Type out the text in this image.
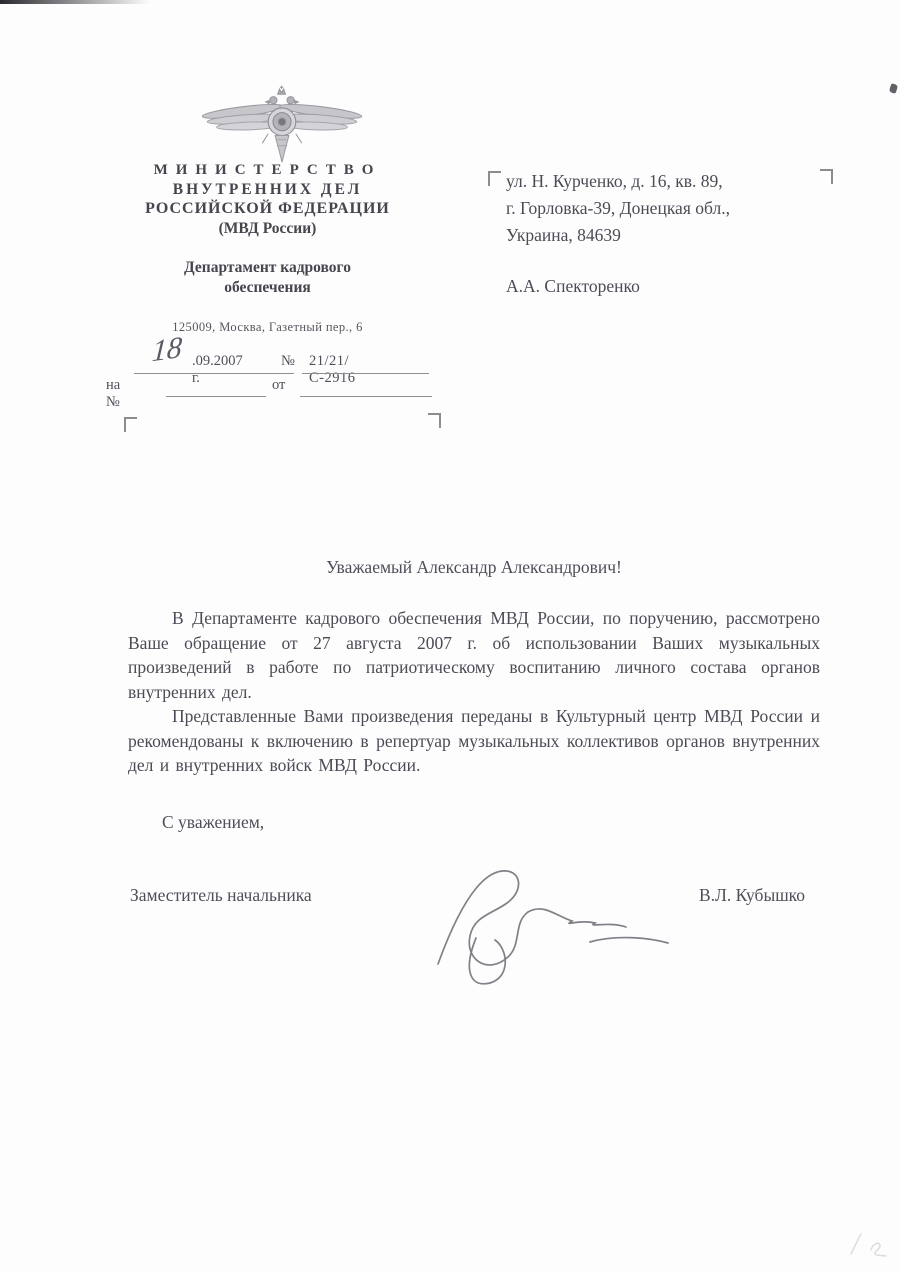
МИНИСТЕРСТВО
ВНУТРЕННИХ ДЕЛ
РОССИЙСКОЙ ФЕДЕРАЦИИ
(МВД России)
Департамент кадрового обеспечения
125009, Москва, Газетный пер., 6
18 .09.2007 г.
№ 21/21/С-2916
на №
от
ул. Н. Курченко, д. 16, кв. 89,
г. Горловка-39, Донецкая обл.,
Украина, 84639
А.А. Спекторенко
Уважаемый Александр Александрович!

В Департаменте кадрового обеспечения МВД России, по поручению, рассмотрено Ваше обращение от 27 августа 2007 г. об использовании Ваших музыкальных произведений в работе по патриотическому воспитанию личного состава органов внутренних дел.

Представленные Вами произведения переданы в Культурный центр МВД России и рекомендованы к включению в репертуар музыкальных коллективов органов внутренних дел и внутренних войск МВД России.

С уважением,
Заместитель начальника	В.Л. Кубышко
